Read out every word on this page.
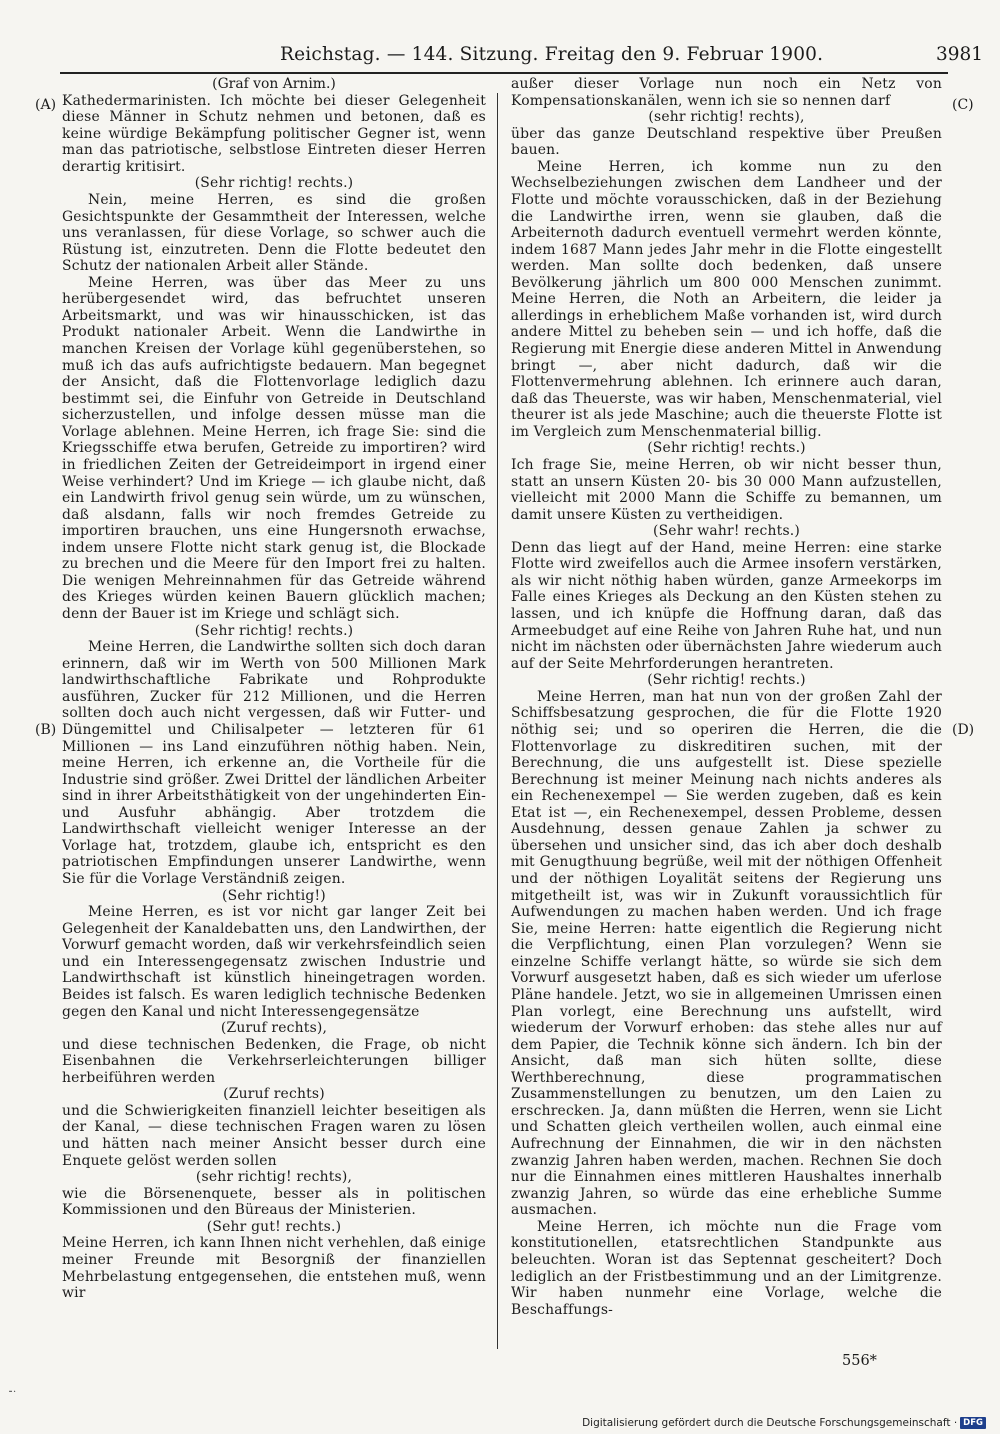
Reichstag. — 144. Sitzung. Freitag den 9. Februar 1900.	3981
(A)
(B)
(C)
(D)

(Graf von Arnim.)

Kathedermarinisten. Ich möchte bei dieser Gelegenheit diese Männer in Schutz nehmen und betonen, daß es keine würdige Bekämpfung politischer Gegner ist, wenn man das patriotische, selbstlose Eintreten dieser Herren derartig kritisirt.

(Sehr richtig! rechts.)

Nein, meine Herren, es sind die großen Gesichtspunkte der Gesammtheit der Interessen, welche uns veranlassen, für diese Vorlage, so schwer auch die Rüstung ist, einzutreten. Denn die Flotte bedeutet den Schutz der nationalen Arbeit aller Stände.

Meine Herren, was über das Meer zu uns herübergesendet wird, das befruchtet unseren Arbeitsmarkt, und was wir hinausschicken, ist das Produkt nationaler Arbeit. Wenn die Landwirthe in manchen Kreisen der Vorlage kühl gegenüberstehen, so muß ich das aufs aufrichtigste bedauern. Man begegnet der Ansicht, daß die Flottenvorlage lediglich dazu bestimmt sei, die Einfuhr von Getreide in Deutschland sicherzustellen, und infolge dessen müsse man die Vorlage ablehnen. Meine Herren, ich frage Sie: sind die Kriegsschiffe etwa berufen, Getreide zu importiren? wird in friedlichen Zeiten der Getreideimport in irgend einer Weise verhindert? Und im Kriege — ich glaube nicht, daß ein Landwirth frivol genug sein würde, um zu wünschen, daß alsdann, falls wir noch fremdes Getreide zu importiren brauchen, uns eine Hungersnoth erwachse, indem unsere Flotte nicht stark genug ist, die Blockade zu brechen und die Meere für den Import frei zu halten. Die wenigen Mehreinnahmen für das Getreide während des Krieges würden keinen Bauern glücklich machen; denn der Bauer ist im Kriege und schlägt sich.

(Sehr richtig! rechts.)

Meine Herren, die Landwirthe sollten sich doch daran erinnern, daß wir im Werth von 500 Millionen Mark landwirthschaftliche Fabrikate und Rohprodukte ausführen, Zucker für 212 Millionen, und die Herren sollten doch auch nicht vergessen, daß wir Futter- und Düngemittel und Chilisalpeter — letzteren für 61 Millionen — ins Land einzuführen nöthig haben. Nein, meine Herren, ich erkenne an, die Vortheile für die Industrie sind größer. Zwei Drittel der ländlichen Arbeiter sind in ihrer Arbeitsthätigkeit von der ungehinderten Ein- und Ausfuhr abhängig. Aber trotzdem die Landwirthschaft vielleicht weniger Interesse an der Vorlage hat, trotzdem, glaube ich, entspricht es den patriotischen Empfindungen unserer Landwirthe, wenn Sie für die Vorlage Verständniß zeigen.

(Sehr richtig!)

Meine Herren, es ist vor nicht gar langer Zeit bei Gelegenheit der Kanaldebatten uns, den Landwirthen, der Vorwurf gemacht worden, daß wir verkehrsfeindlich seien und ein Interessengegensatz zwischen Industrie und Landwirthschaft ist künstlich hineingetragen worden. Beides ist falsch. Es waren lediglich technische Bedenken gegen den Kanal und nicht Interessengegensätze

(Zuruf rechts),

und diese technischen Bedenken, die Frage, ob nicht Eisenbahnen die Verkehrserleichterungen billiger herbeiführen werden

(Zuruf rechts)

und die Schwierigkeiten finanziell leichter beseitigen als der Kanal, — diese technischen Fragen waren zu lösen und hätten nach meiner Ansicht besser durch eine Enquete gelöst werden sollen

(sehr richtig! rechts),

wie die Börsenenquete, besser als in politischen Kommissionen und den Büreaus der Ministerien.

(Sehr gut! rechts.)

Meine Herren, ich kann Ihnen nicht verhehlen, daß einige meiner Freunde mit Besorgniß der finanziellen Mehrbelastung entgegensehen, die entstehen muß, wenn wir

außer dieser Vorlage nun noch ein Netz von Kompensationskanälen, wenn ich sie so nennen darf

(sehr richtig! rechts),

über das ganze Deutschland respektive über Preußen bauen.

Meine Herren, ich komme nun zu den Wechselbeziehungen zwischen dem Landheer und der Flotte und möchte vorausschicken, daß in der Beziehung die Landwirthe irren, wenn sie glauben, daß die Arbeiternoth dadurch eventuell vermehrt werden könnte, indem 1687 Mann jedes Jahr mehr in die Flotte eingestellt werden. Man sollte doch bedenken, daß unsere Bevölkerung jährlich um 800 000 Menschen zunimmt. Meine Herren, die Noth an Arbeitern, die leider ja allerdings in erheblichem Maße vorhanden ist, wird durch andere Mittel zu beheben sein — und ich hoffe, daß die Regierung mit Energie diese anderen Mittel in Anwendung bringt —, aber nicht dadurch, daß wir die Flottenvermehrung ablehnen. Ich erinnere auch daran, daß das Theuerste, was wir haben, Menschenmaterial, viel theurer ist als jede Maschine; auch die theuerste Flotte ist im Vergleich zum Menschenmaterial billig.

(Sehr richtig! rechts.)

Ich frage Sie, meine Herren, ob wir nicht besser thun, statt an unsern Küsten 20- bis 30 000 Mann aufzustellen, vielleicht mit 2000 Mann die Schiffe zu bemannen, um damit unsere Küsten zu vertheidigen.

(Sehr wahr! rechts.)

Denn das liegt auf der Hand, meine Herren: eine starke Flotte wird zweifellos auch die Armee insofern verstärken, als wir nicht nöthig haben würden, ganze Armeekorps im Falle eines Krieges als Deckung an den Küsten stehen zu lassen, und ich knüpfe die Hoffnung daran, daß das Armeebudget auf eine Reihe von Jahren Ruhe hat, und nun nicht im nächsten oder übernächsten Jahre wiederum auch auf der Seite Mehrforderungen herantreten.

(Sehr richtig! rechts.)

Meine Herren, man hat nun von der großen Zahl der Schiffsbesatzung gesprochen, die für die Flotte 1920 nöthig sei; und so operiren die Herren, die die Flottenvorlage zu diskreditiren suchen, mit der Berechnung, die uns aufgestellt ist. Diese spezielle Berechnung ist meiner Meinung nach nichts anderes als ein Rechenexempel — Sie werden zugeben, daß es kein Etat ist —, ein Rechenexempel, dessen Probleme, dessen Ausdehnung, dessen genaue Zahlen ja schwer zu übersehen und unsicher sind, das ich aber doch deshalb mit Genugthuung begrüße, weil mit der nöthigen Offenheit und der nöthigen Loyalität seitens der Regierung uns mitgetheilt ist, was wir in Zukunft voraussichtlich für Aufwendungen zu machen haben werden. Und ich frage Sie, meine Herren: hatte eigentlich die Regierung nicht die Verpflichtung, einen Plan vorzulegen? Wenn sie einzelne Schiffe verlangt hätte, so würde sie sich dem Vorwurf ausgesetzt haben, daß es sich wieder um uferlose Pläne handele. Jetzt, wo sie in allgemeinen Umrissen einen Plan vorlegt, eine Berechnung uns aufstellt, wird wiederum der Vorwurf erhoben: das stehe alles nur auf dem Papier, die Technik könne sich ändern. Ich bin der Ansicht, daß man sich hüten sollte, diese Werthberechnung, diese programmatischen Zusammenstellungen zu benutzen, um den Laien zu erschrecken. Ja, dann müßten die Herren, wenn sie Licht und Schatten gleich vertheilen wollen, auch einmal eine Aufrechnung der Einnahmen, die wir in den nächsten zwanzig Jahren haben werden, machen. Rechnen Sie doch nur die Einnahmen eines mittleren Haushaltes innerhalb zwanzig Jahren, so würde das eine erhebliche Summe ausmachen.

Meine Herren, ich möchte nun die Frage vom konstitutionellen, etatsrechtlichen Standpunkte aus beleuchten. Woran ist das Septennat gescheitert? Doch lediglich an der Fristbestimmung und an der Limitgrenze. Wir haben nunmehr eine Vorlage, welche die Beschaffungs-

556*
⁃·
Digitalisierung gefördert durch die Deutsche Forschungsgemeinschaft · DFG
